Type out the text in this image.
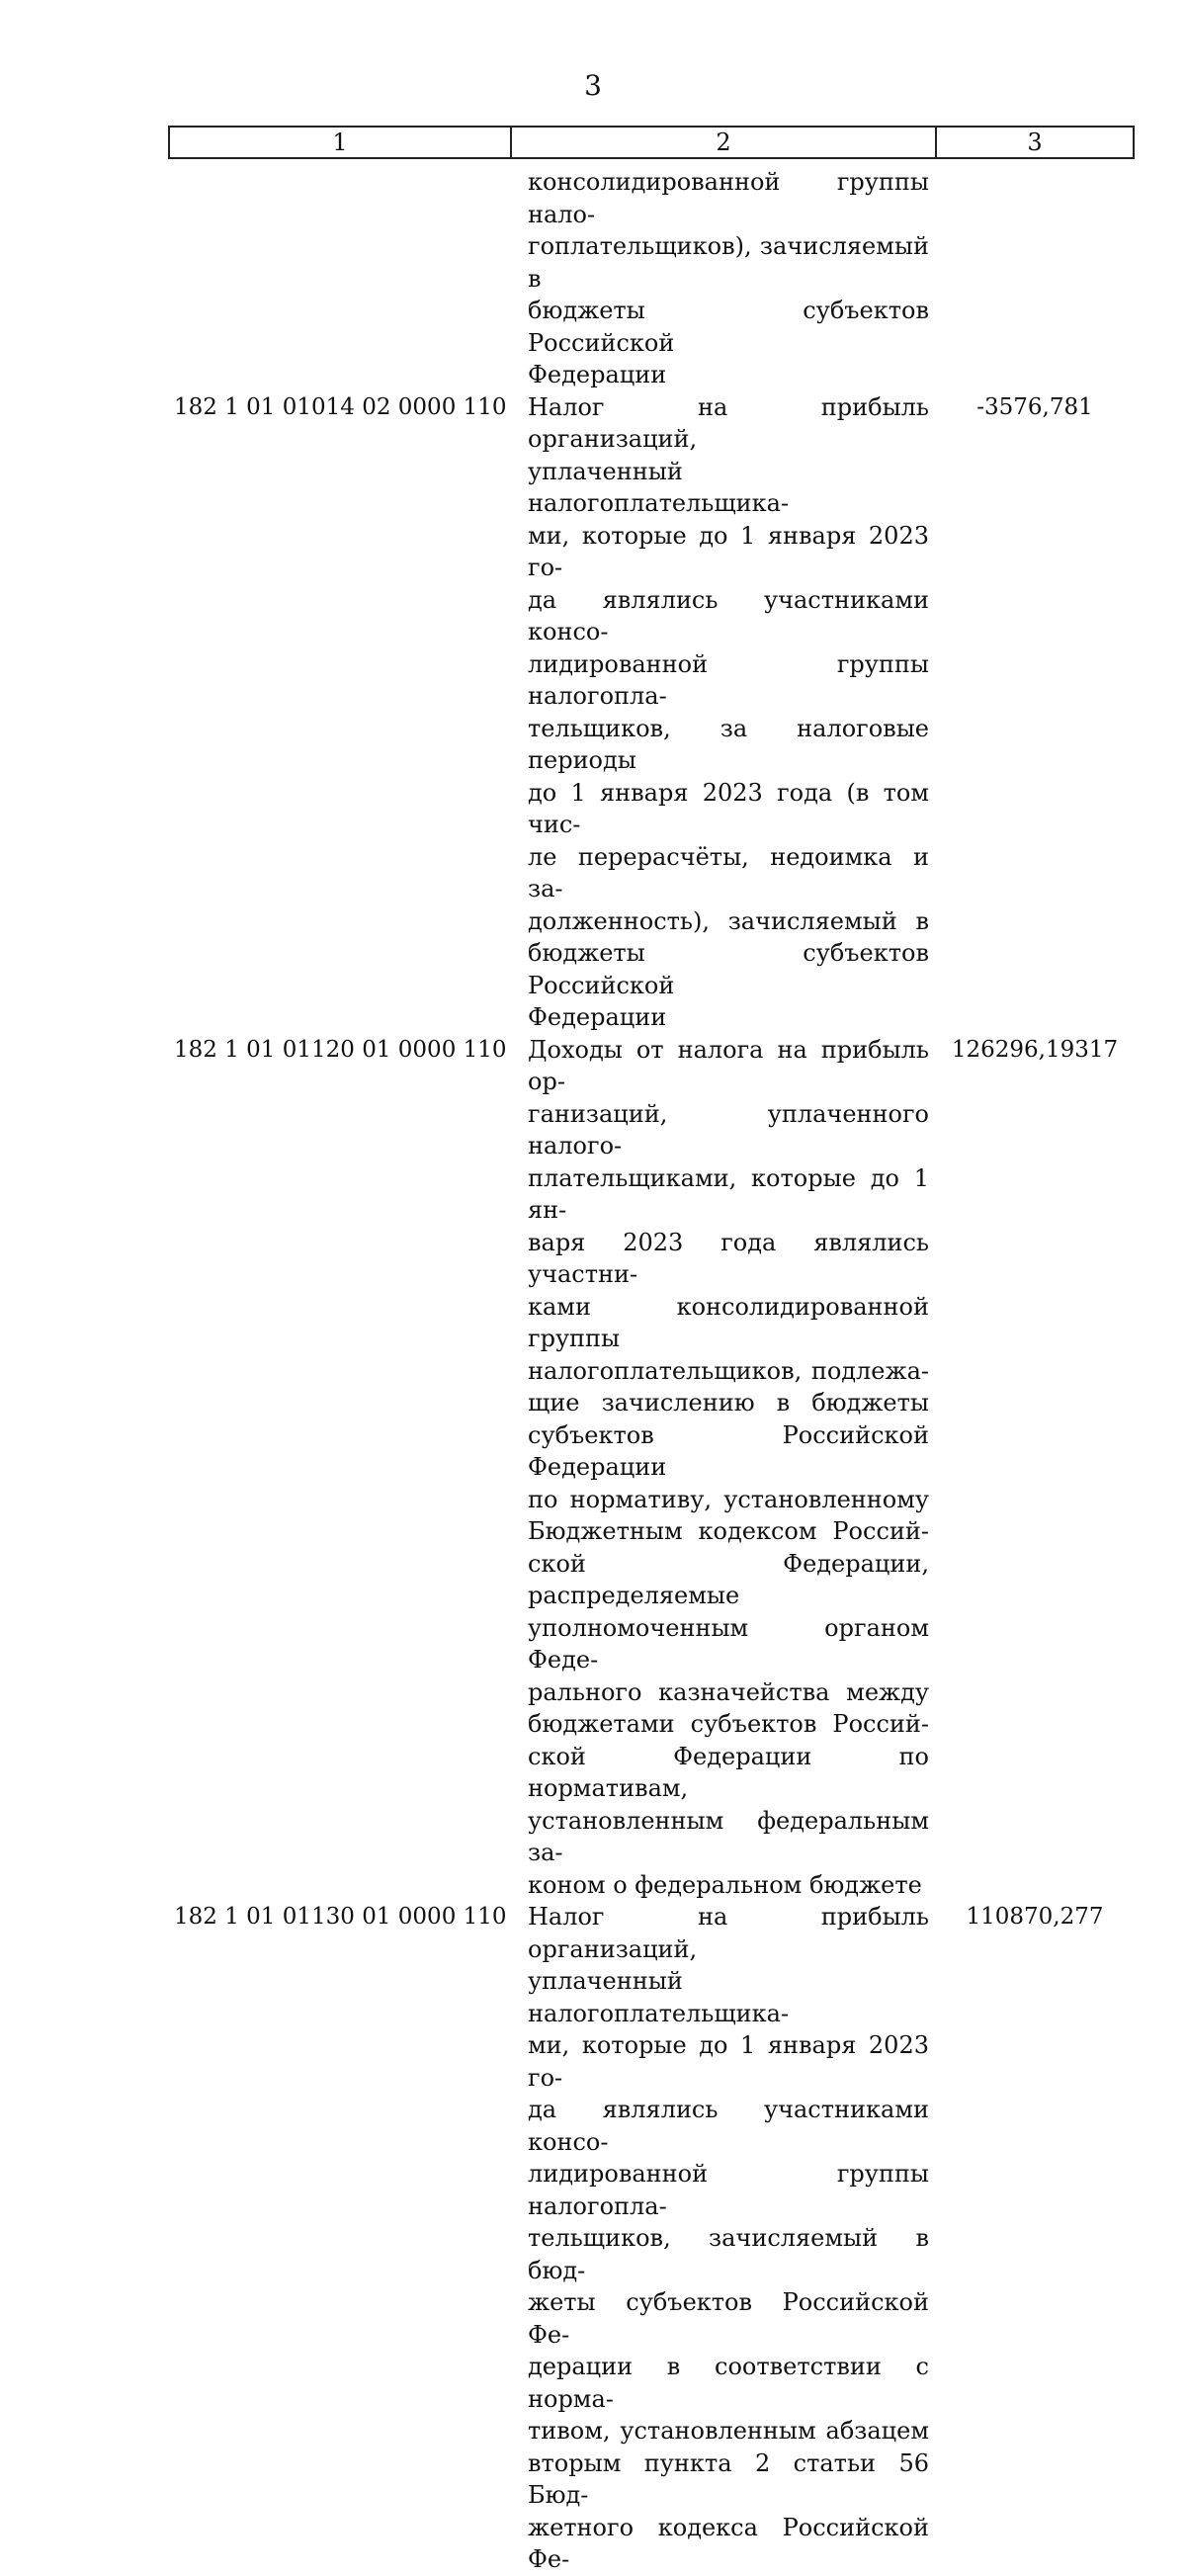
3
1	2	3
консолидированной группы нало-
гоплательщиков), зачисляемый в
бюджеты субъектов Российской
Федерации
182 1 01 01014 02 0000 110 Налог на прибыль организаций,
уплаченный налогоплательщика-
ми, которые до 1 января 2023 го-
да являлись участниками консо-
лидированной группы налогопла-
тельщиков, за налоговые периоды
до 1 января 2023 года (в том чис-
ле перерасчёты, недоимка и за-
долженность), зачисляемый в
бюджеты субъектов Российской
Федерации
-3576,781
182 1 01 01120 01 0000 110 Доходы от налога на прибыль ор-
ганизаций, уплаченного налого-
плательщиками, которые до 1 ян-
варя 2023 года являлись участни-
ками консолидированной группы
налогоплательщиков, подлежа-
щие зачислению в бюджеты
субъектов Российской Федерации
по нормативу, установленному
Бюджетным кодексом Россий-
ской Федерации, распределяемые
уполномоченным органом Феде-
рального казначейства между
бюджетами субъектов Россий-
ской Федерации по нормативам,
установленным федеральным за-
коном о федеральном бюджете
126296,19317
182 1 01 01130 01 0000 110 Налог на прибыль организаций,
уплаченный налогоплательщика-
ми, которые до 1 января 2023 го-
да являлись участниками консо-
лидированной группы налогопла-
тельщиков, зачисляемый в бюд-
жеты субъектов Российской Фе-
дерации в соответствии с норма-
тивом, установленным абзацем
вторым пункта 2 статьи 56 Бюд-
жетного кодекса Российской Фе-
110870,277
